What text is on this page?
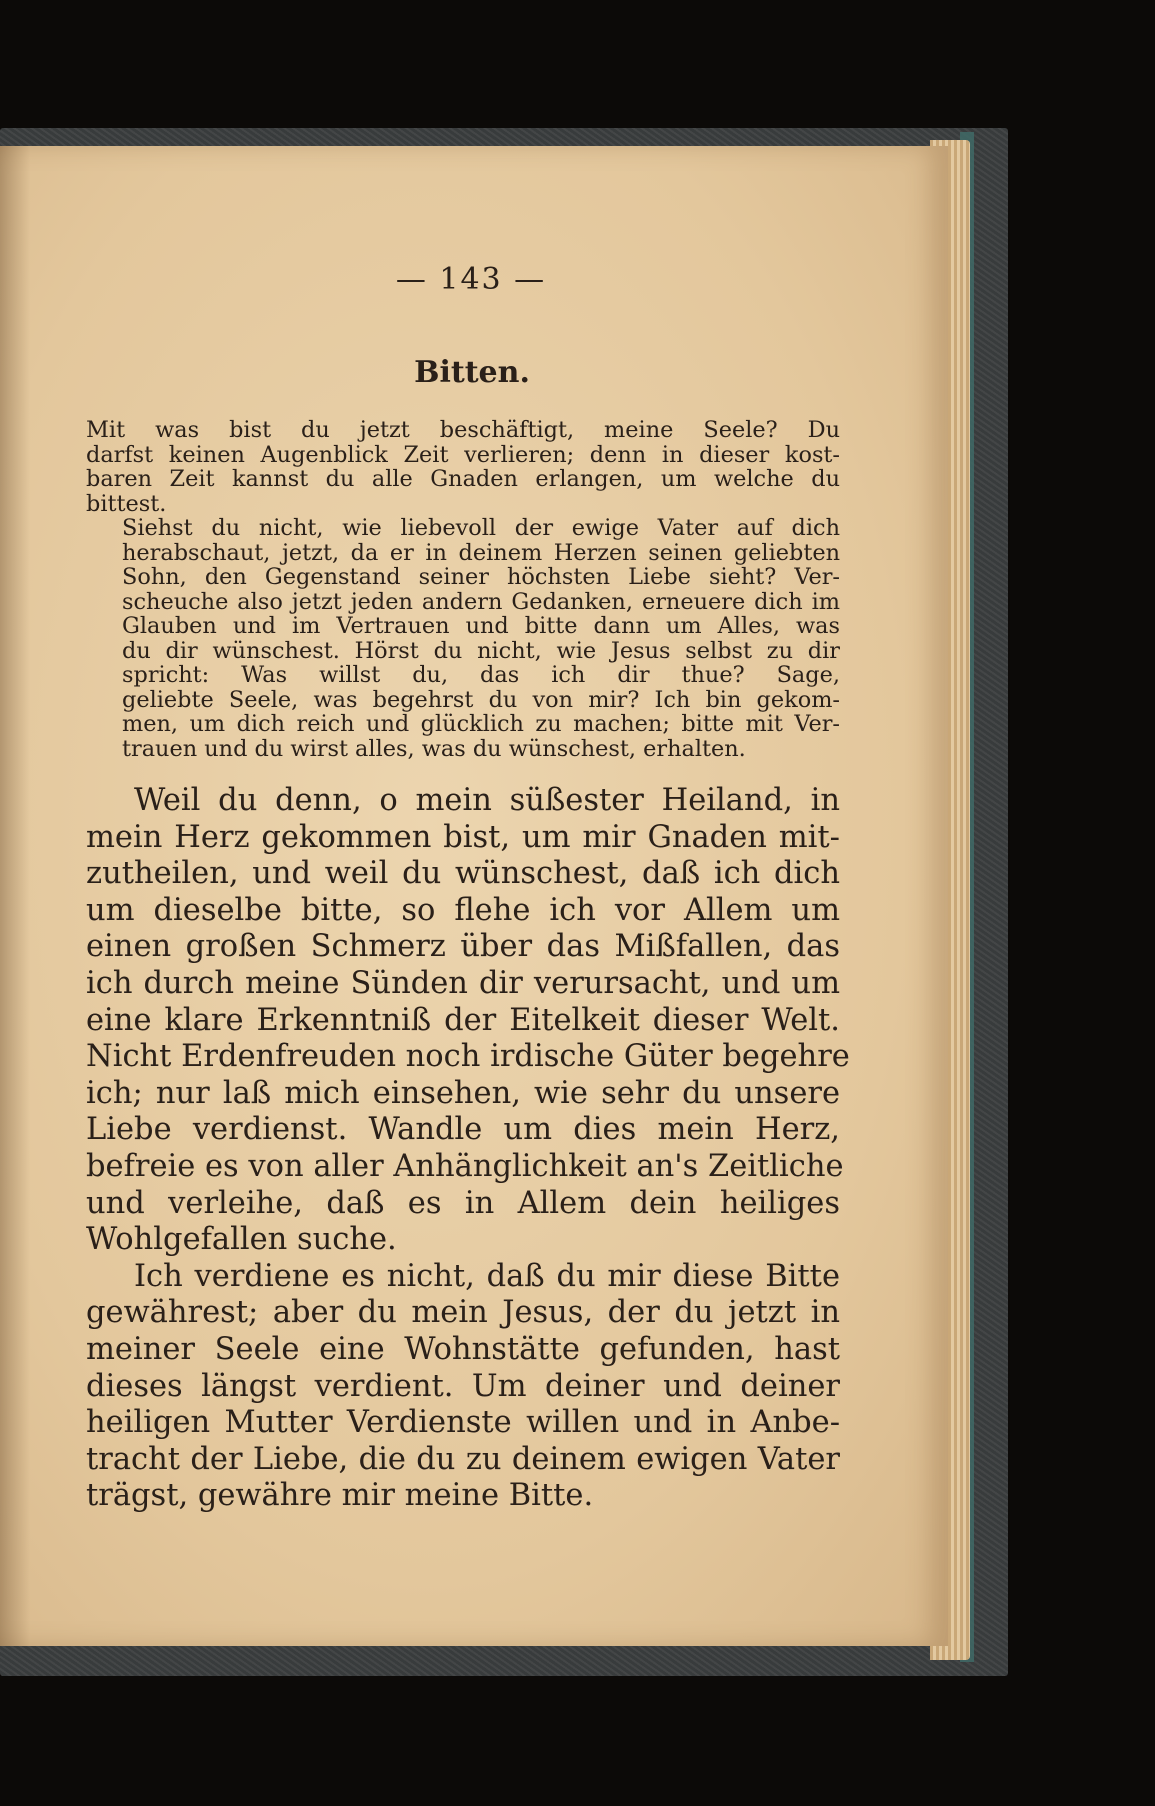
— 143 —
Bitten.

Mit was bist du jetzt beschäftigt, meine Seele? Du
darfst keinen Augenblick Zeit verlieren; denn in dieser kost-
baren Zeit kannst du alle Gnaden erlangen, um welche du
bittest.

Siehst du nicht, wie liebevoll der ewige Vater auf dich
herabschaut, jetzt, da er in deinem Herzen seinen geliebten
Sohn, den Gegenstand seiner höchsten Liebe sieht? Ver-
scheuche also jetzt jeden andern Gedanken, erneuere dich im
Glauben und im Vertrauen und bitte dann um Alles, was
du dir wünschest. Hörst du nicht, wie Jesus selbst zu dir
spricht: Was willst du, das ich dir thue? Sage,
geliebte Seele, was begehrst du von mir? Ich bin gekom-
men, um dich reich und glücklich zu machen; bitte mit Ver-
trauen und du wirst alles, was du wünschest, erhalten.

Weil du denn, o mein süßester Heiland, in
mein Herz gekommen bist, um mir Gnaden mit-
zutheilen, und weil du wünschest, daß ich dich
um dieselbe bitte, so flehe ich vor Allem um
einen großen Schmerz über das Mißfallen, das
ich durch meine Sünden dir verursacht, und um
eine klare Erkenntniß der Eitelkeit dieser Welt.
Nicht Erdenfreuden noch irdische Güter begehre
ich; nur laß mich einsehen, wie sehr du unsere
Liebe verdienst. Wandle um dies mein Herz,
befreie es von aller Anhänglichkeit an's Zeitliche
und verleihe, daß es in Allem dein heiliges
Wohlgefallen suche.

Ich verdiene es nicht, daß du mir diese Bitte
gewährest; aber du mein Jesus, der du jetzt in
meiner Seele eine Wohnstätte gefunden, hast
dieses längst verdient. Um deiner und deiner
heiligen Mutter Verdienste willen und in Anbe-
tracht der Liebe, die du zu deinem ewigen Vater
trägst, gewähre mir meine Bitte.
